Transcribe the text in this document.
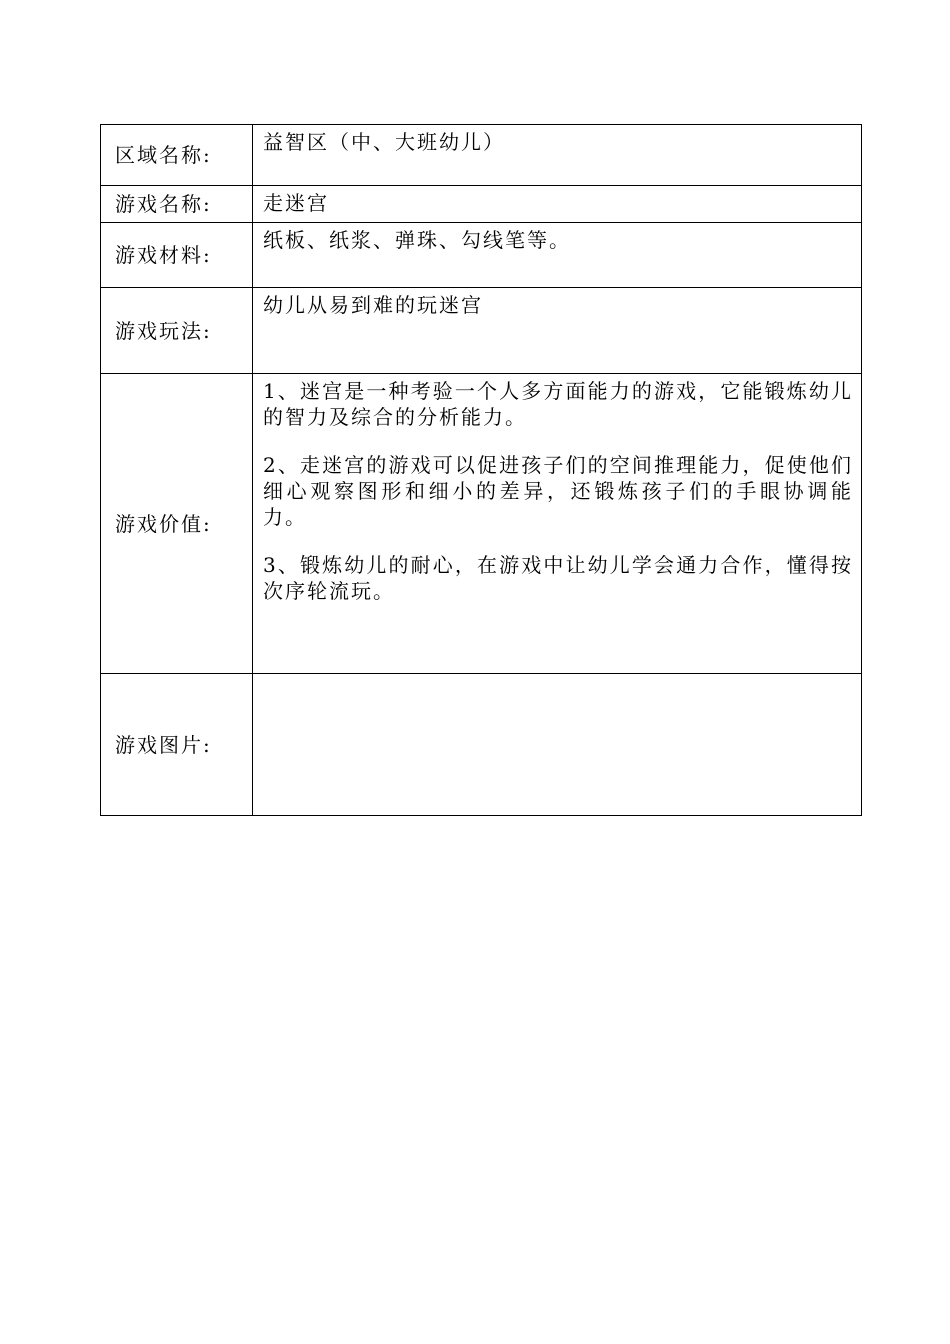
区域名称:	益智区（中、大班幼儿）
游戏名称:	走迷宫
游戏材料:	纸板、纸浆、弹珠、勾线笔等。
游戏玩法:	幼儿从易到难的玩迷宫
游戏价值:	1、迷宫是一种考验一个人多方面能力的游戏，它能锻炼幼儿的智力及综合的分析能力。

2、走迷宫的游戏可以促进孩子们的空间推理能力，促使他们细心观察图形和细小的差异，还锻炼孩子们的手眼协调能力。

3、锻炼幼儿的耐心，在游戏中让幼儿学会通力合作，懂得按次序轮流玩。

游戏图片:	
